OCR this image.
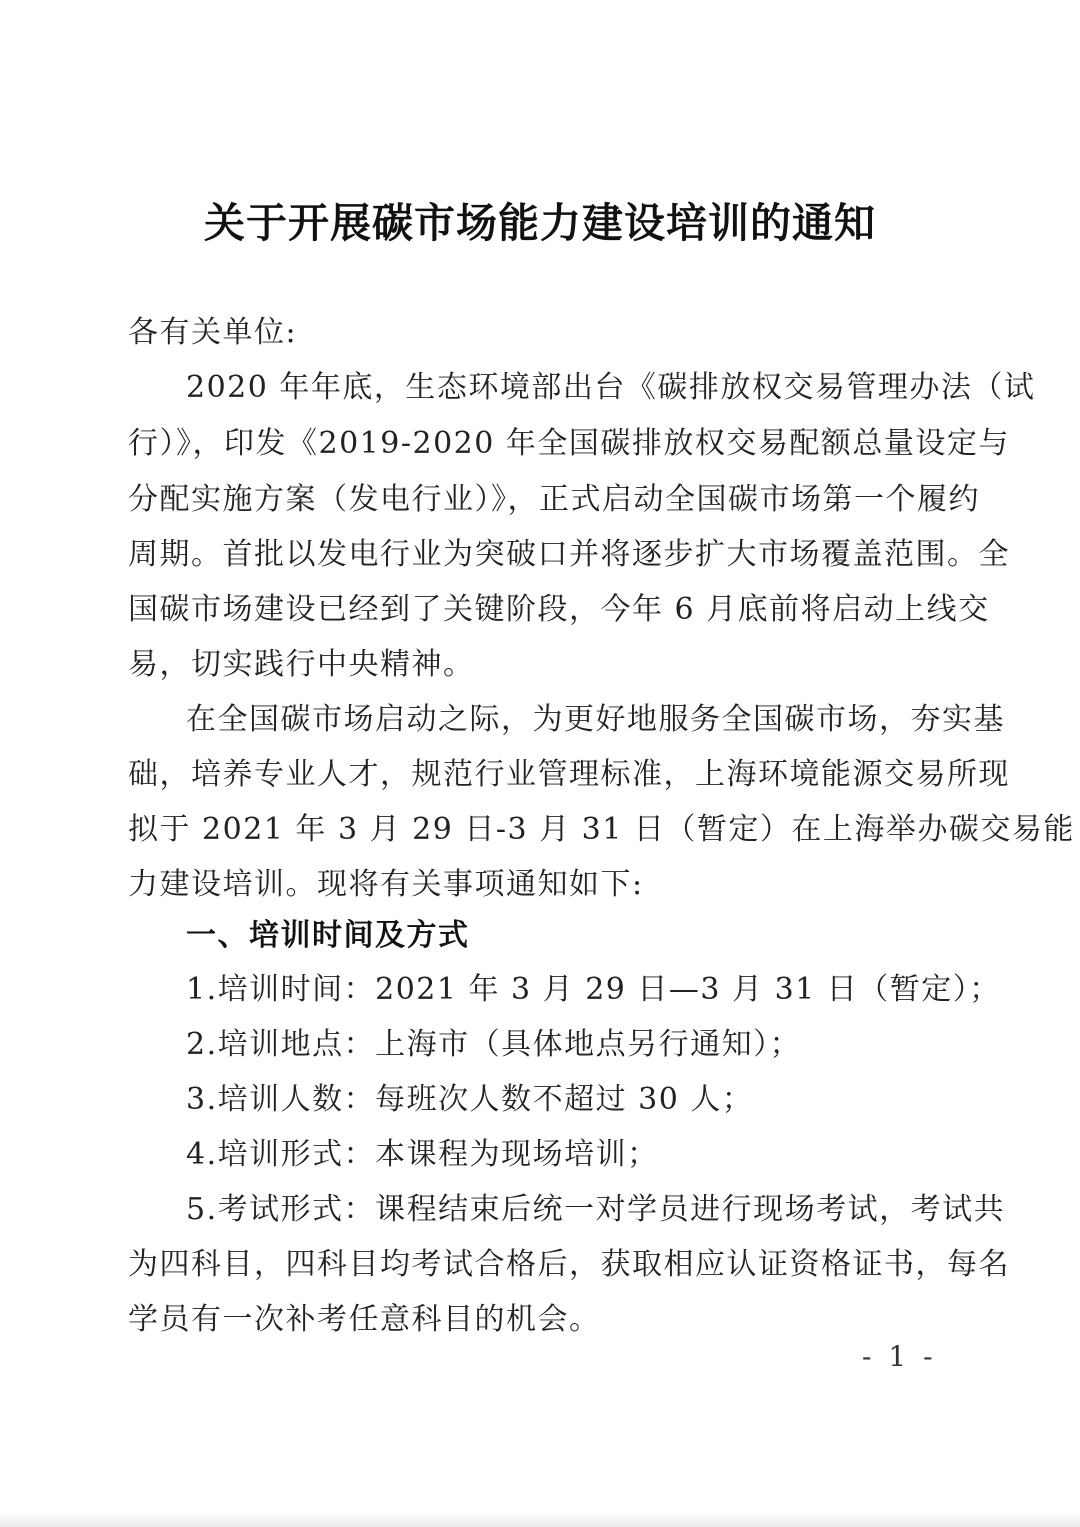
关于开展碳市场能力建设培训的通知
各有关单位:
2020 年年底，生态环境部出台《碳排放权交易管理办法（试
行）》，印发《2019-2020 年全国碳排放权交易配额总量设定与
分配实施方案（发电行业）》，正式启动全国碳市场第一个履约
周期。首批以发电行业为突破口并将逐步扩大市场覆盖范围。全
国碳市场建设已经到了关键阶段，今年 6 月底前将启动上线交
易，切实践行中央精神。
在全国碳市场启动之际，为更好地服务全国碳市场，夯实基
础，培养专业人才，规范行业管理标准，上海环境能源交易所现
拟于 2021 年 3 月 29 日-3 月 31 日（暂定）在上海举办碳交易能
力建设培训。现将有关事项通知如下:
一、培训时间及方式
1.培训时间：2021 年 3 月 29 日—3 月 31 日（暂定）；
2.培训地点：上海市（具体地点另行通知）；
3.培训人数：每班次人数不超过 30 人；
4.培训形式：本课程为现场培训；
5.考试形式：课程结束后统一对学员进行现场考试，考试共
为四科目，四科目均考试合格后，获取相应认证资格证书，每名
学员有一次补考任意科目的机会。
- 1 -
